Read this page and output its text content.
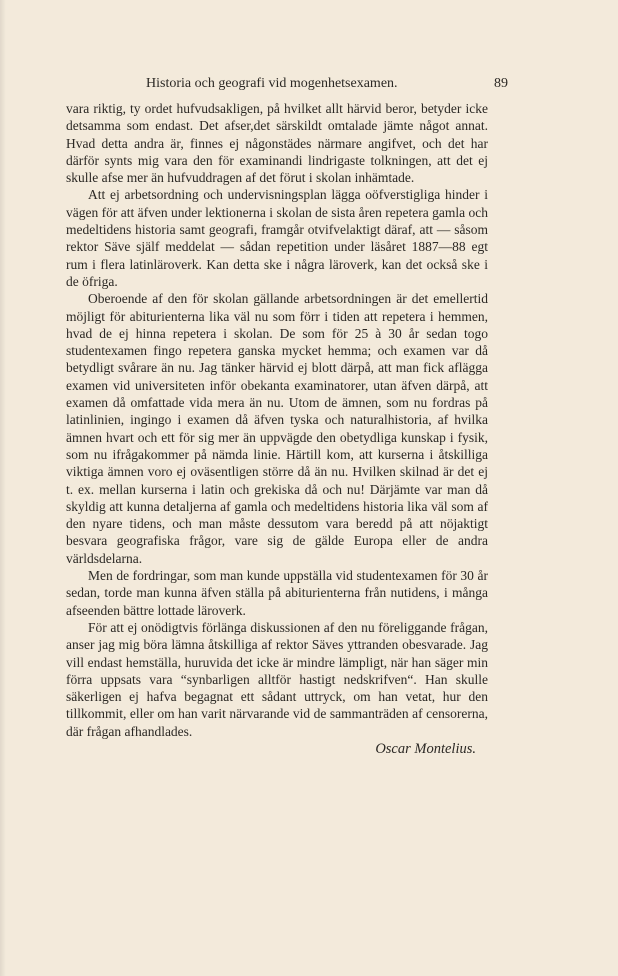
Historia och geografi vid mogenhetsexamen.	89

vara riktig, ty ordet hufvudsakligen, på hvilket allt härvid beror, betyder icke detsamma som endast. Det afser,det särskildt omtalade jämte något annat. Hvad detta andra är, finnes ej någonstädes närmare angifvet, och det har därför synts mig vara den för examinandi lindrigaste tolkningen, att det ej skulle afse mer än hufvuddragen af det förut i skolan inhämtade.

Att ej arbetsordning och undervisningsplan lägga oöfverstigliga hinder i vägen för att äfven under lektionerna i skolan de sista åren repetera gamla och medeltidens historia samt geografi, framgår otvifvelaktigt däraf, att — såsom rektor Säve själf meddelat — sådan repetition under läsåret 1887—88 egt rum i flera latinläroverk. Kan detta ske i några läroverk, kan det också ske i de öfriga.

Oberoende af den för skolan gällande arbetsordningen är det emellertid möjligt för abiturienterna lika väl nu som förr i tiden att repetera i hemmen, hvad de ej hinna repetera i skolan. De som för 25 à 30 år sedan togo studentexamen fingo repetera ganska mycket hemma; och examen var då betydligt svårare än nu. Jag tänker härvid ej blott därpå, att man fick aflägga examen vid universiteten inför obekanta examinatorer, utan äfven därpå, att examen då omfattade vida mera än nu. Utom de ämnen, som nu fordras på latinlinien, ingingo i examen då äfven tyska och naturalhistoria, af hvilka ämnen hvart och ett för sig mer än uppvägde den obetydliga kunskap i fysik, som nu ifrågakommer på nämda linie. Härtill kom, att kurserna i åtskilliga viktiga ämnen voro ej oväsentligen större då än nu. Hvilken skilnad är det ej t. ex. mellan kurserna i latin och grekiska då och nu! Därjämte var man då skyldig att kunna detaljerna af gamla och medeltidens historia lika väl som af den nyare tidens, och man måste dessutom vara beredd på att nöjaktigt besvara geografiska frågor, vare sig de gälde Europa eller de andra världsdelarna.

Men de fordringar, som man kunde uppställa vid studentexamen för 30 år sedan, torde man kunna äfven ställa på abiturienterna från nutidens, i många afseenden bättre lottade läroverk.

För att ej onödigtvis förlänga diskussionen af den nu föreliggande frågan, anser jag mig böra lämna åtskilliga af rektor Säves yttranden obesvarade. Jag vill endast hemställa, huruvida det icke är mindre lämpligt, när han säger min förra uppsats vara “synbarligen alltför hastigt nedskrifven“. Han skulle säkerligen ej hafva begagnat ett sådant uttryck, om han vetat, hur den tillkommit, eller om han varit närvarande vid de sammanträden af censorerna, där frågan afhandlades.

Oscar Montelius.
